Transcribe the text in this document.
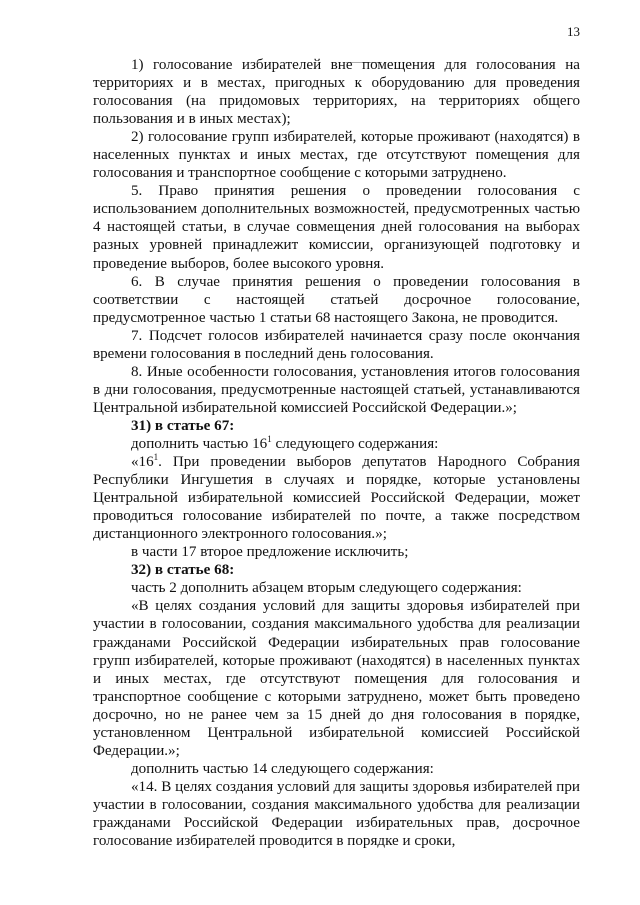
13

1) голосование избирателей вне помещения для голосования на территориях и в местах, пригодных к оборудованию для проведения голосования (на придомовых территориях, на территориях общего пользования и в иных местах);

2) голосование групп избирателей, которые проживают (находятся) в населенных пунктах и иных местах, где отсутствуют помещения для голосования и транспортное сообщение с которыми затруднено.

5. Право принятия решения о проведении голосования с использованием дополнительных возможностей, предусмотренных частью 4 настоящей статьи, в случае совмещения дней голосования на выборах разных уровней принадлежит комиссии, организующей подготовку и проведение выборов, более высокого уровня.

6. В случае принятия решения о проведении голосования в соответствии с настоящей статьей досрочное голосование, предусмотренное частью 1 статьи 68 настоящего Закона, не проводится.

7. Подсчет голосов избирателей начинается сразу после окончания времени голосования в последний день голосования.

8. Иные особенности голосования, установления итогов голосования в дни голосования, предусмотренные настоящей статьей, устанавливаются Центральной избирательной комиссией Российской Федерации.»;

31) в статье 67:

дополнить частью $16^1$ следующего содержания:

«$16^1$. При проведении выборов депутатов Народного Собрания Республики Ингушетия в случаях и порядке, которые установлены Центральной избирательной комиссией Российской Федерации, может проводиться голосование избирателей по почте, а также посредством дистанционного электронного голосования.»;

в части 17 второе предложение исключить;

32) в статье 68:

часть 2 дополнить абзацем вторым следующего содержания:

«В целях создания условий для защиты здоровья избирателей при участии в голосовании, создания максимального удобства для реализации гражданами Российской Федерации избирательных прав голосование групп избирателей, которые проживают (находятся) в населенных пунктах и иных местах, где отсутствуют помещения для голосования и транспортное сообщение с которыми затруднено, может быть проведено досрочно, но не ранее чем за 15 дней до дня голосования в порядке, установленном Центральной избирательной комиссией Российской Федерации.»;

дополнить частью 14 следующего содержания:

«14. В целях создания условий для защиты здоровья избирателей при участии в голосовании, создания максимального удобства для реализации гражданами Российской Федерации избирательных прав, досрочное голосование избирателей проводится в порядке и сроки,
